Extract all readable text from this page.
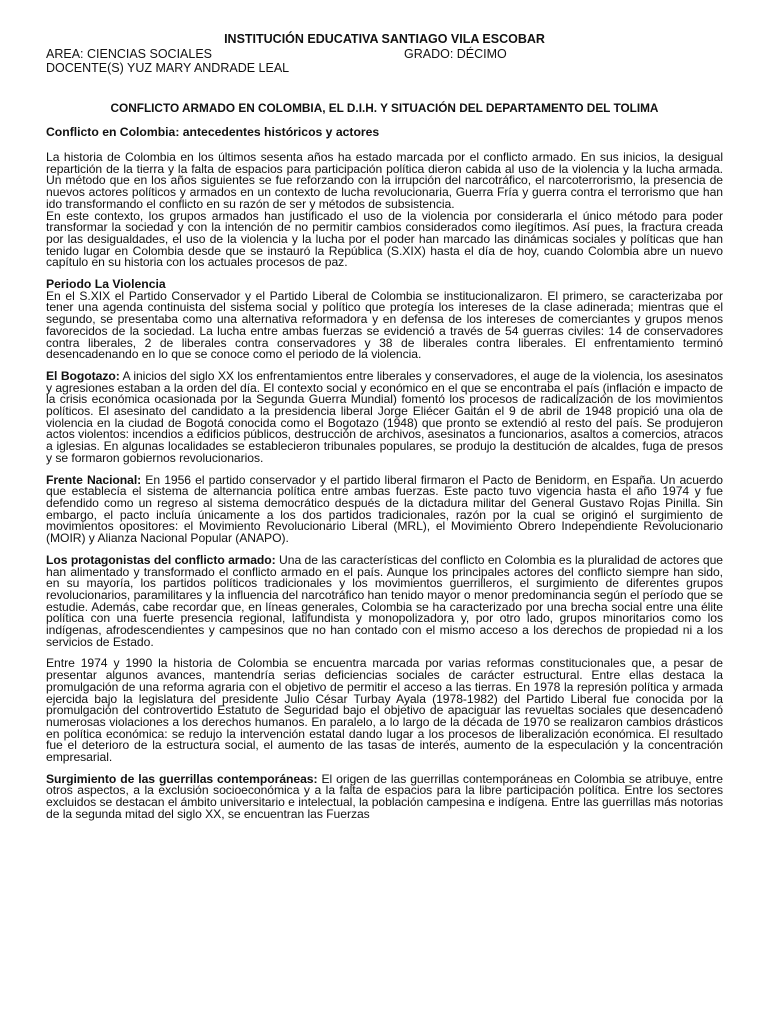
INSTITUCIÓN EDUCATIVA SANTIAGO VILA ESCOBAR

AREA: CIENCIAS SOCIALES	GRADO: DÉCIMO

DOCENTE(S) YUZ MARY ANDRADE LEAL

CONFLICTO ARMADO EN COLOMBIA, EL D.I.H. Y SITUACIÓN DEL DEPARTAMENTO DEL TOLIMA

Conflicto en Colombia: antecedentes históricos y actores

La historia de Colombia en los últimos sesenta años ha estado marcada por el conflicto armado. En sus inicios, la desigual repartición de la tierra y la falta de espacios para participación política dieron cabida al uso de la violencia y la lucha armada. Un método que en los años siguientes se fue reforzando con la irrupción del narcotráfico, el narcoterrorismo, la presencia de nuevos actores políticos y armados en un contexto de lucha revolucionaria, Guerra Fría y guerra contra el terrorismo que han ido transformando el conflicto en su razón de ser y métodos de subsistencia.

En este contexto, los grupos armados han justificado el uso de la violencia por considerarla el único método para poder transformar la sociedad y con la intención de no permitir cambios considerados como ilegítimos. Así pues, la fractura creada por las desigualdades, el uso de la violencia y la lucha por el poder han marcado las dinámicas sociales y políticas que han tenido lugar en Colombia desde que se instauró la República (S.XIX) hasta el día de hoy, cuando Colombia abre un nuevo capítulo en su historia con los actuales procesos de paz.

Periodo La Violencia

En el S.XIX el Partido Conservador y el Partido Liberal de Colombia se institucionalizaron. El primero, se caracterizaba por tener una agenda continuista del sistema social y político que protegía los intereses de la clase adinerada; mientras que el segundo, se presentaba como una alternativa reformadora y en defensa de los intereses de comerciantes y grupos menos favorecidos de la sociedad. La lucha entre ambas fuerzas se evidenció a través de 54 guerras civiles: 14 de conservadores contra liberales, 2 de liberales contra conservadores y 38 de liberales contra liberales. El enfrentamiento terminó desencadenando en lo que se conoce como el periodo de la violencia.

El Bogotazo: A inicios del siglo XX los enfrentamientos entre liberales y conservadores, el auge de la violencia, los asesinatos y agresiones estaban a la orden del día. El contexto social y económico en el que se encontraba el país (inflación e impacto de la crisis económica ocasionada por la Segunda Guerra Mundial) fomentó los procesos de radicalización de los movimientos políticos. El asesinato del candidato a la presidencia liberal Jorge Eliécer Gaitán el 9 de abril de 1948 propició una ola de violencia en la ciudad de Bogotá conocida como el Bogotazo (1948) que pronto se extendió al resto del país. Se produjeron actos violentos: incendios a edificios públicos, destrucción de archivos, asesinatos a funcionarios, asaltos a comercios, atracos a iglesias. En algunas localidades se establecieron tribunales populares, se produjo la destitución de alcaldes, fuga de presos y se formaron gobiernos revolucionarios.

Frente Nacional: En 1956 el partido conservador y el partido liberal firmaron el Pacto de Benidorm, en España. Un acuerdo que establecía el sistema de alternancia política entre ambas fuerzas. Este pacto tuvo vigencia hasta el año 1974 y fue defendido como un regreso al sistema democrático después de la dictadura militar del General Gustavo Rojas Pinilla. Sin embargo, el pacto incluía únicamente a los dos partidos tradicionales, razón por la cual se originó el surgimiento de movimientos opositores: el Movimiento Revolucionario Liberal (MRL), el Movimiento Obrero Independiente Revolucionario (MOIR) y Alianza Nacional Popular (ANAPO).

Los protagonistas del conflicto armado: Una de las características del conflicto en Colombia es la pluralidad de actores que han alimentado y transformado el conflicto armado en el país. Aunque los principales actores del conflicto siempre han sido, en su mayoría, los partidos políticos tradicionales y los movimientos guerrilleros, el surgimiento de diferentes grupos revolucionarios, paramilitares y la influencia del narcotráfico han tenido mayor o menor predominancia según el período que se estudie. Además, cabe recordar que, en líneas generales, Colombia se ha caracterizado por una brecha social entre una élite política con una fuerte presencia regional, latifundista y monopolizadora y, por otro lado, grupos minoritarios como los indígenas, afrodescendientes y campesinos que no han contado con el mismo acceso a los derechos de propiedad ni a los servicios de Estado.

Entre 1974 y 1990 la historia de Colombia se encuentra marcada por varias reformas constitucionales que, a pesar de presentar algunos avances, mantendría serias deficiencias sociales de carácter estructural. Entre ellas destaca la promulgación de una reforma agraria con el objetivo de permitir el acceso a las tierras. En 1978 la represión política y armada ejercida bajo la legislatura del presidente Julio César Turbay Ayala (1978-1982) del Partido Liberal fue conocida por la promulgación del controvertido Estatuto de Seguridad bajo el objetivo de apaciguar las revueltas sociales que desencadenó numerosas violaciones a los derechos humanos. En paralelo, a lo largo de la década de 1970 se realizaron cambios drásticos en política económica: se redujo la intervención estatal dando lugar a los procesos de liberalización económica. El resultado fue el deterioro de la estructura social, el aumento de las tasas de interés, aumento de la especulación y la concentración empresarial.

Surgimiento de las guerrillas contemporáneas: El origen de las guerrillas contemporáneas en Colombia se atribuye, entre otros aspectos, a la exclusión socioeconómica y a la falta de espacios para la libre participación política. Entre los sectores excluidos se destacan el ámbito universitario e intelectual, la población campesina e indígena. Entre las guerrillas más notorias de la segunda mitad del siglo XX, se encuentran las Fuerzas
